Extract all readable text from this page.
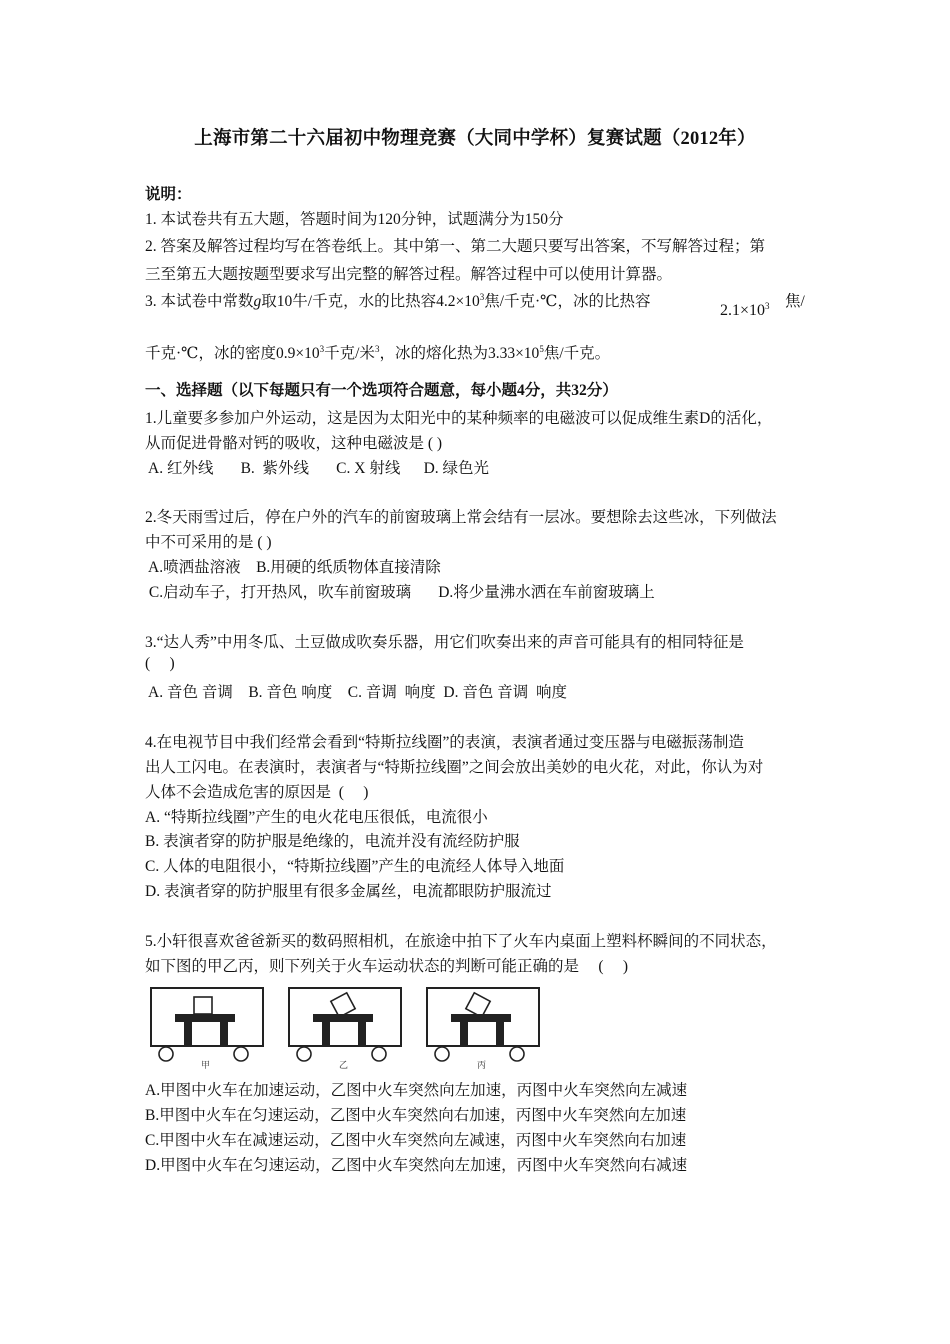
上海市第二十六届初中物理竞赛（大同中学杯）复赛试题（2012年）
说明：
1. 本试卷共有五大题，答题时间为120分钟，试题满分为150分
2. 答案及解答过程均写在答卷纸上。其中第一、第二大题只要写出答案，不写解答过程；第
三至第五大题按题型要求写出完整的解答过程。解答过程中可以使用计算器。
3. 本试卷中常数g取10牛/千克，水的比热容$4.2\times 10^3$焦/千克·℃，冰的比热容
$2.1\times 10^3$ 焦/
千克·℃，冰的密度$0.9\times 10^3$千克/米$^3$，冰的熔化热为$3.33\times 10^5$焦/千克。
一、选择题（以下每题只有一个选项符合题意，每小题4分，共32分）
1.儿童要多参加户外运动，这是因为太阳光中的某种频率的电磁波可以促成维生素D的活化，
从而促进骨骼对钙的吸收，这种电磁波是 ( )
A. 红外线       B.  紫外线       C. X 射线      D. 绿色光
2.冬天雨雪过后，停在户外的汽车的前窗玻璃上常会结有一层冰。要想除去这些冰，下列做法
中不可采用的是 ( )
A.喷洒盐溶液    B.用硬的纸质物体直接清除
C.启动车子，打开热风，吹车前窗玻璃       D.将少量沸水洒在车前窗玻璃上
3.“达人秀”中用冬瓜、土豆做成吹奏乐器，用它们吹奏出来的声音可能具有的相同特征是
(     )
A. 音色 音调    B. 音色 响度    C. 音调  响度  D. 音色 音调  响度
4.在电视节目中我们经常会看到“特斯拉线圈”的表演，表演者通过变压器与电磁振荡制造
出人工闪电。在表演时，表演者与“特斯拉线圈”之间会放出美妙的电火花，对此，你认为对
人体不会造成危害的原因是  (     )
A. “特斯拉线圈”产生的电火花电压很低，电流很小
B. 表演者穿的防护服是绝缘的，电流并没有流经防护服
C. 人体的电阻很小，“特斯拉线圈”产生的电流经人体导入地面
D. 表演者穿的防护服里有很多金属丝，电流都眼防护服流过
5.小轩很喜欢爸爸新买的数码照相机，在旅途中拍下了火车内桌面上塑料杯瞬间的不同状态，
如下图的甲乙丙，则下列关于火车运动状态的判断可能正确的是     (     )
甲	乙	丙
A.甲图中火车在加速运动，乙图中火车突然向左加速，丙图中火车突然向左减速
B.甲图中火车在匀速运动，乙图中火车突然向右加速，丙图中火车突然向左加速
C.甲图中火车在减速运动，乙图中火车突然向左减速，丙图中火车突然向右加速
D.甲图中火车在匀速运动，乙图中火车突然向左加速，丙图中火车突然向右减速
